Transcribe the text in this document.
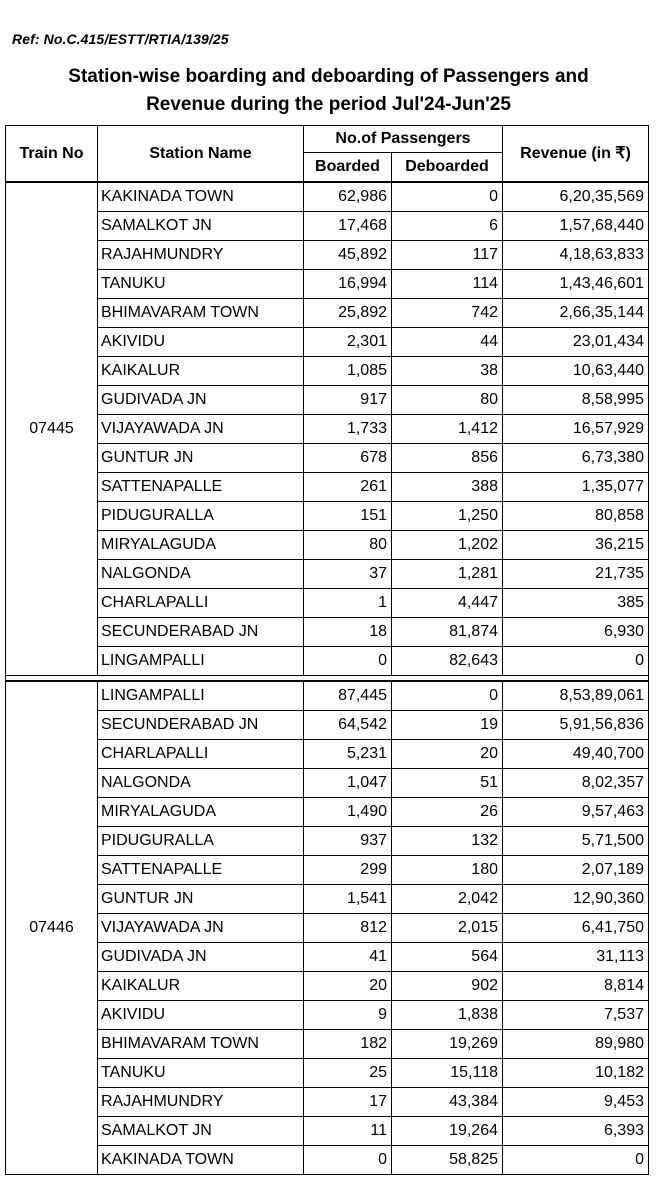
Ref: No.C.415/ESTT/RTIA/139/25
Station-wise boarding and deboarding of Passengers and
Revenue during the period Jul'24-Jun'25
Train No	Station Name	No.of Passengers		Revenue (in ₹)
		Boarded	Deboarded	
07445	KAKINADA TOWN	62,986	0	6,20,35,569
	SAMALKOT JN	17,468	6	1,57,68,440
	RAJAHMUNDRY	45,892	117	4,18,63,833
	TANUKU	16,994	114	1,43,46,601
	BHIMAVARAM TOWN	25,892	742	2,66,35,144
	AKIVIDU	2,301	44	23,01,434
	KAIKALUR	1,085	38	10,63,440
	GUDIVADA JN	917	80	8,58,995
	VIJAYAWADA JN	1,733	1,412	16,57,929
	GUNTUR JN	678	856	6,73,380
	SATTENAPALLE	261	388	1,35,077
	PIDUGURALLA	151	1,250	80,858
	MIRYALAGUDA	80	1,202	36,215
	NALGONDA	37	1,281	21,735
	CHARLAPALLI	1	4,447	385
	SECUNDERABAD JN	18	81,874	6,930
	LINGAMPALLI	0	82,643	0

07446	LINGAMPALLI	87,445	0	8,53,89,061
	SECUNDERABAD JN	64,542	19	5,91,56,836
	CHARLAPALLI	5,231	20	49,40,700
	NALGONDA	1,047	51	8,02,357
	MIRYALAGUDA	1,490	26	9,57,463
	PIDUGURALLA	937	132	5,71,500
	SATTENAPALLE	299	180	2,07,189
	GUNTUR JN	1,541	2,042	12,90,360
	VIJAYAWADA JN	812	2,015	6,41,750
	GUDIVADA JN	41	564	31,113
	KAIKALUR	20	902	8,814
	AKIVIDU	9	1,838	7,537
	BHIMAVARAM TOWN	182	19,269	89,980
	TANUKU	25	15,118	10,182
	RAJAHMUNDRY	17	43,384	9,453
	SAMALKOT JN	11	19,264	6,393
	KAKINADA TOWN	0	58,825	0
